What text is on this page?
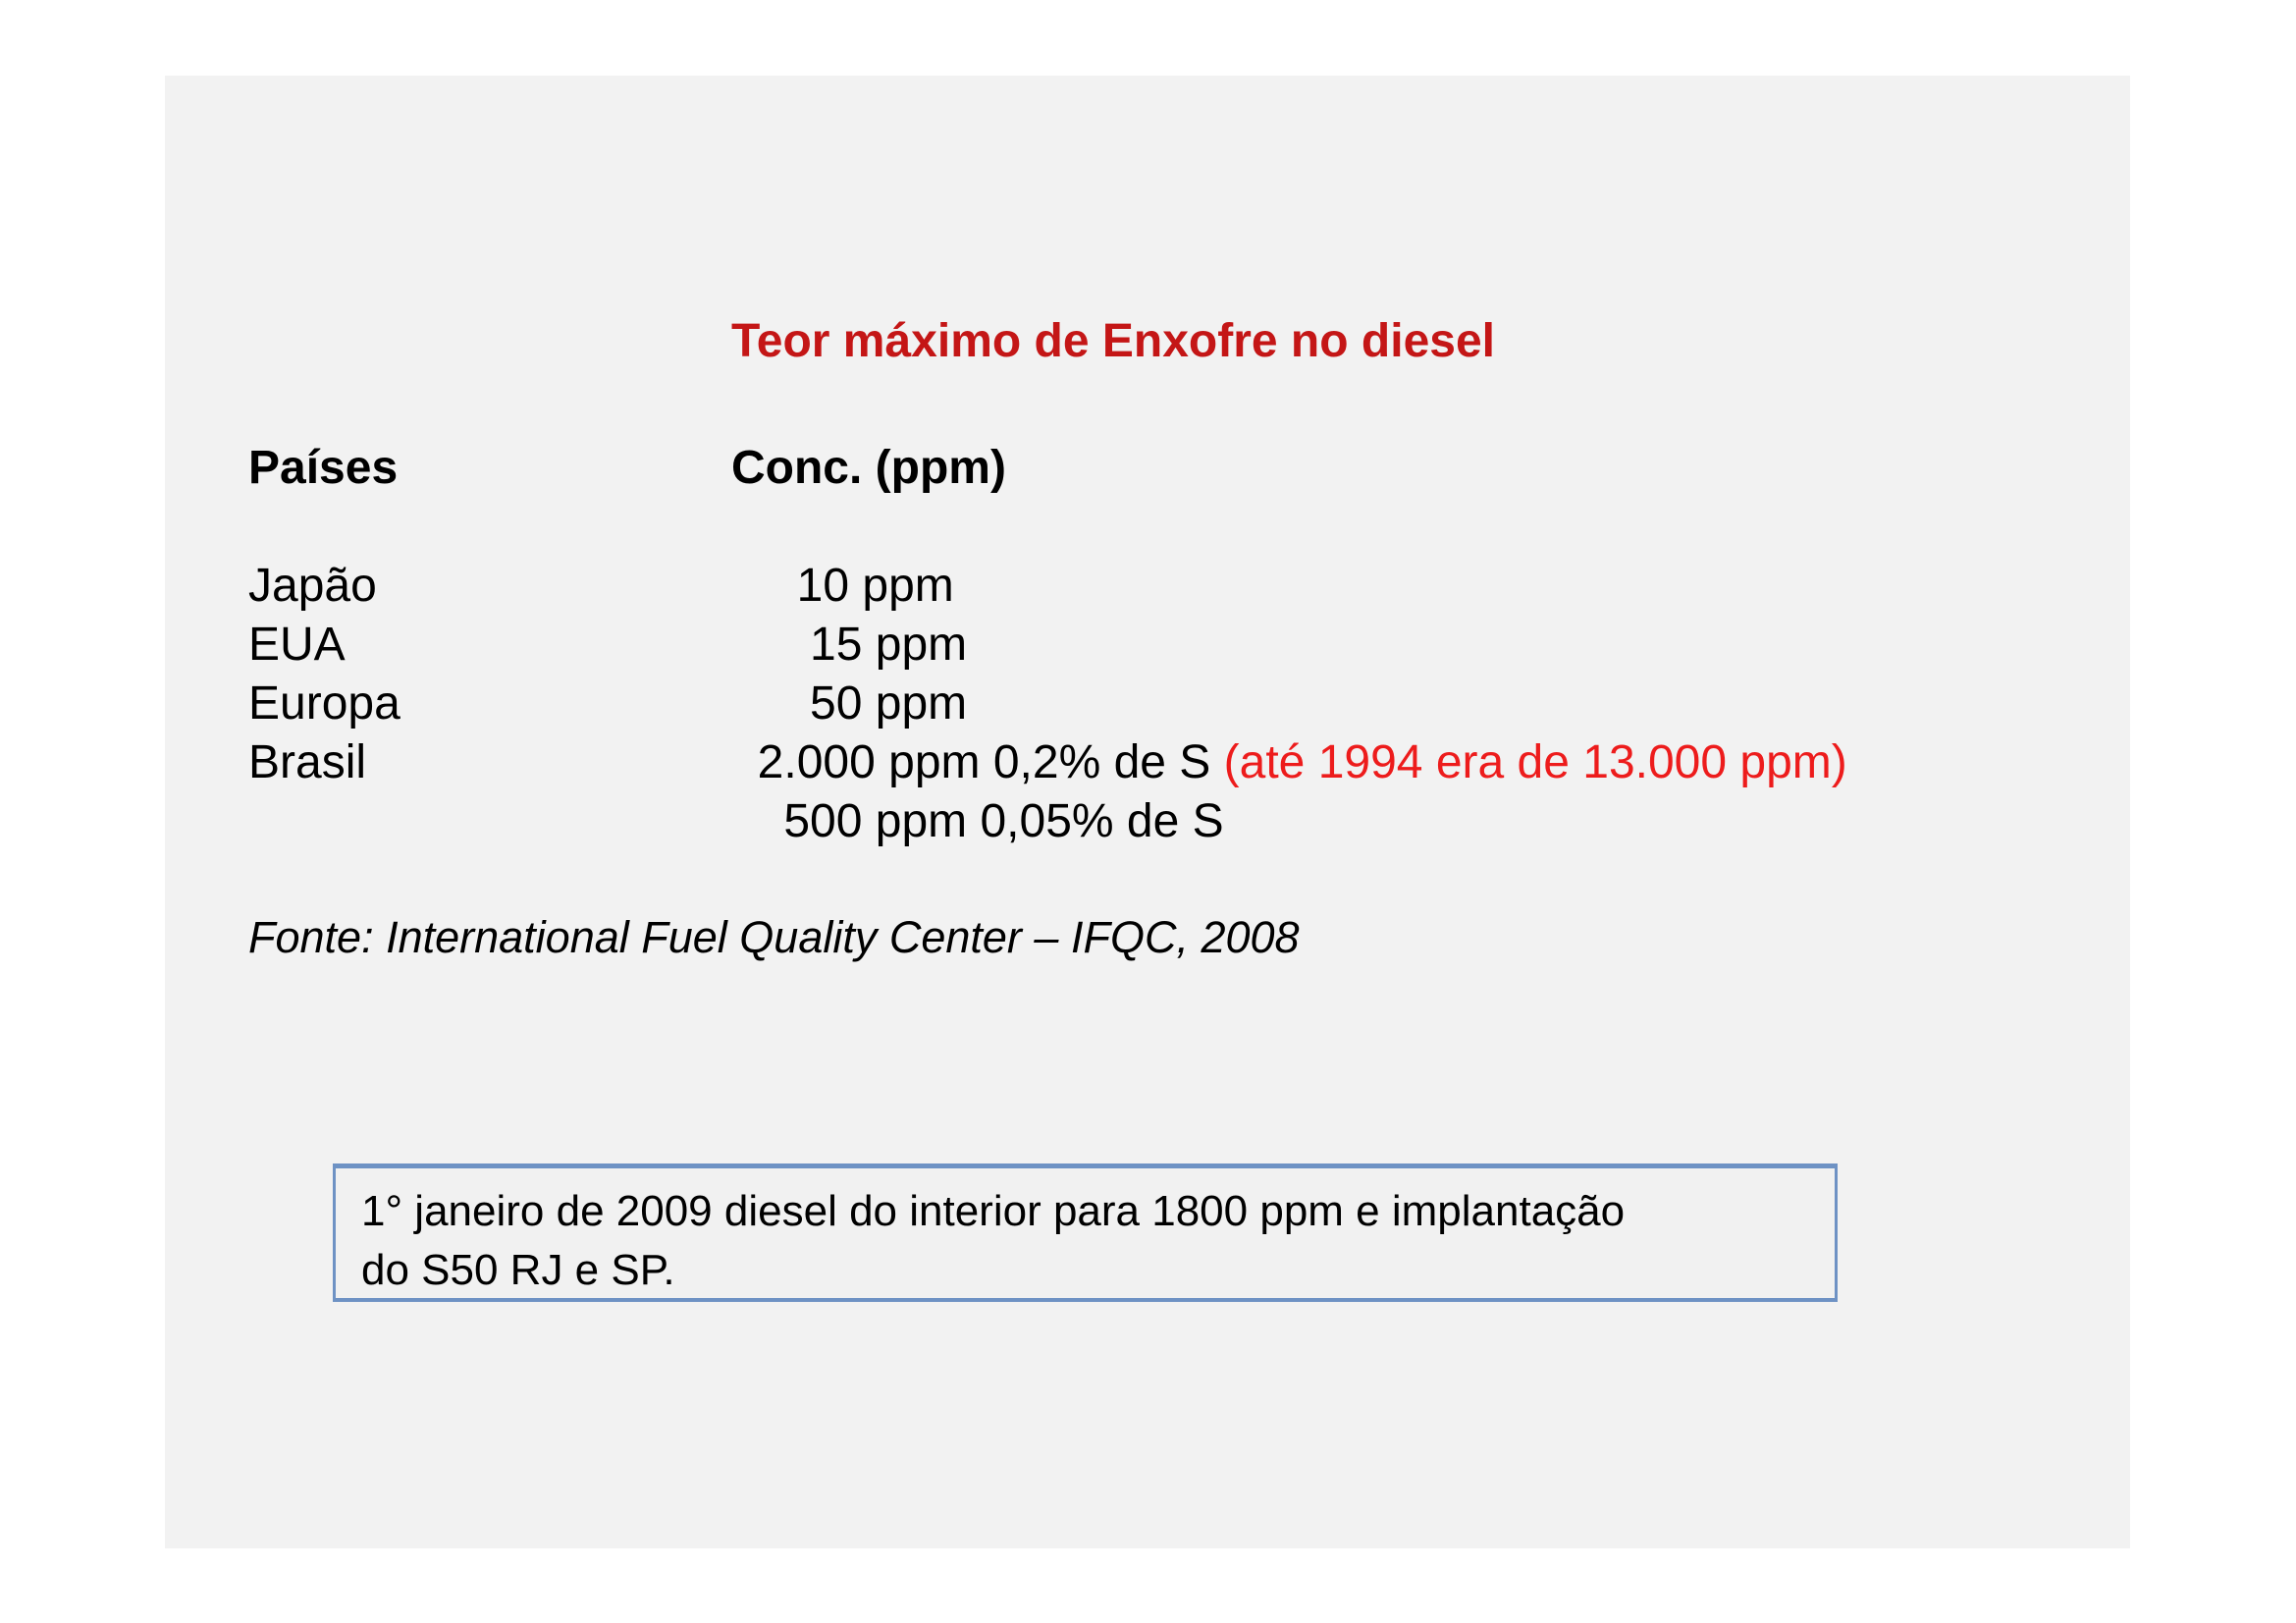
Teor máximo de Enxofre no diesel
Países	Conc. (ppm)
Japão	10 ppm
EUA	15 ppm
Europa	50 ppm
Brasil	2.000 ppm 0,2% de S (até 1994 era de 13.000 ppm)
500 ppm 0,05% de S
Fonte: International Fuel Quality Center – IFQC, 2008
1° janeiro de 2009 diesel do interior para 1800 ppm e implantação
do S50 RJ e SP.
